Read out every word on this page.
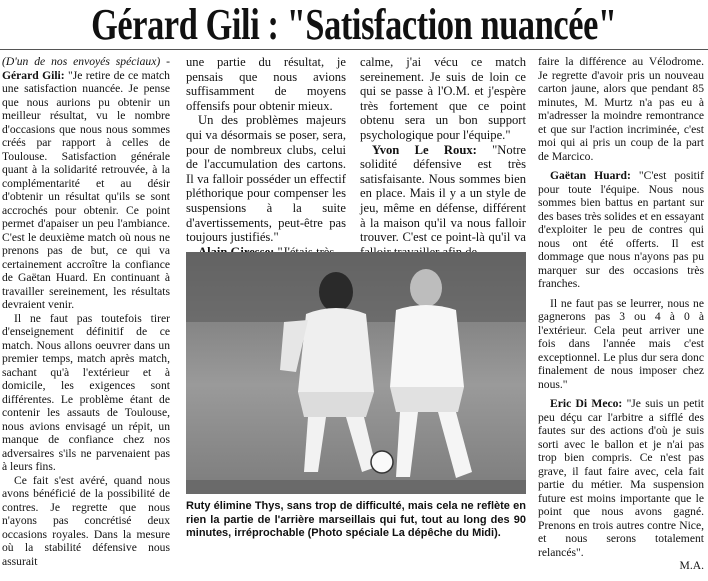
Gérard Gili : "Satisfaction nuancée"

(D'un de nos envoyés spéciaux) - Gérard Gili: "Je retire de ce match une satisfaction nuancée. Je pense que nous aurions pu obtenir un meilleur résultat, vu le nombre d'occasions que nous nous sommes créés par rapport à celles de Toulouse. Satisfaction générale quant à la solidarité retrouvée, à la complémentarité et au désir d'obtenir un résultat qu'ils se sont accrochés pour obtenir. Ce point permet d'apaiser un peu l'ambiance. C'est le deuxième match où nous ne prenons pas de but, ce qui va certainement accroître la confiance de Gaëtan Huard. En continuant à travailler sereinement, les résultats devraient venir.

Il ne faut pas toutefois tirer d'enseignement définitif de ce match. Nous allons oeuvrer dans un premier temps, match après match, sachant qu'à l'extérieur et à domicile, les exigences sont différentes. Le problème étant de contenir les assauts de Toulouse, nous avions envisagé un répit, un manque de confiance chez nos adversaires s'ils ne parvenaient pas à leurs fins.

Ce fait s'est avéré, quand nous avons bénéficié de la possibilité de contres. Je regrette que nous n'ayons pas concrétisé deux occasions royales. Dans la mesure où la stabilité défensive nous assurait

une partie du résultat, je pensais que nous avions suffisamment de moyens offensifs pour obtenir mieux.

Un des problèmes majeurs qui va désormais se poser, sera, pour de nombreux clubs, celui de l'accumulation des cartons. Il va falloir posséder un effectif pléthorique pour compenser les suspensions à la suite d'avertissements, peut-être pas toujours justifiés."

calme, j'ai vécu ce match sereinement. Je suis de loin ce qui se passe à l'O.M. et j'espère très fortement que ce point obtenu sera un bon support psychologique pour l'équipe."

Yvon Le Roux: "Notre solidité défensive est très satisfaisante. Nous sommes bien en place. Mais il y a un style de jeu, même en défense, différent à la maison qu'il va nous falloir trouver. C'est ce point-là qu'il va

Ruty élimine Thys, sans trop de difficulté, mais cela ne reflète en rien la partie de l'arrière marseillais qui fut, tout au long des 90 minutes, irréprochable (Photo spéciale La dépêche du Midi).

faire la différence au Vélodrome. Je regrette d'avoir pris un nouveau carton jaune, alors que pendant 85 minutes, M. Murtz n'a pas eu à m'adresser la moindre remontrance et que sur l'action incriminée, c'est moi qui ai pris un coup de la part de Marcico.

Gaëtan Huard: "C'est positif pour toute l'équipe. Nous nous sommes bien battus en partant sur des bases très solides et en essayant d'exploiter le peu de contres qui nous ont été offerts. Il est dommage que nous n'ayons pas pu marquer sur des occasions très franches.

Il ne faut pas se leurrer, nous ne gagnerons pas 3 ou 4 à 0 à l'extérieur. Cela peut arriver une fois dans l'année mais c'est exceptionnel. Le plus dur sera donc finalement de nous imposer chez nous."

Eric Di Meco: "Je suis un petit peu déçu car l'arbitre a sifflé des fautes sur des actions d'où je suis sorti avec le ballon et je n'ai pas trop bien compris. Ce n'est pas grave, il faut faire avec, cela fait partie du métier. Ma suspension future est moins importante que le point que nous avons gagné. Prenons en trois autres contre Nice, et nous serons totalement relancés".

M.A.
